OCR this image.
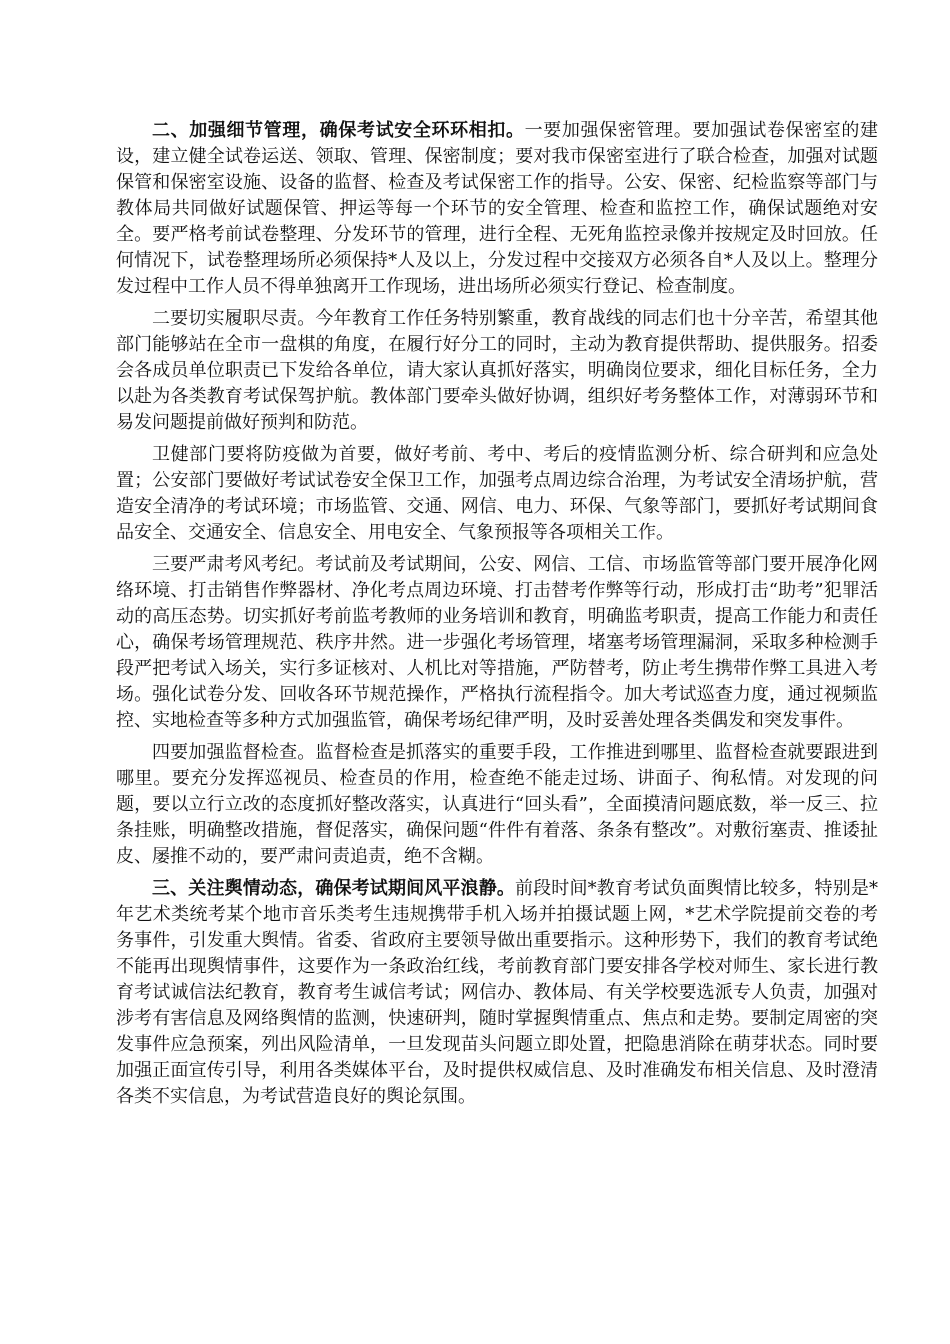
二、加强细节管理，确保考试安全环环相扣。一要加强保密管理。要加强试卷保密室的建设，建立健全试卷运送、领取、管理、保密制度；要对我市保密室进行了联合检查，加强对试题保管和保密室设施、设备的监督、检查及考试保密工作的指导。公安、保密、纪检监察等部门与教体局共同做好试题保管、押运等每一个环节的安全管理、检查和监控工作，确保试题绝对安全。要严格考前试卷整理、分发环节的管理，进行全程、无死角监控录像并按规定及时回放。任何情况下，试卷整理场所必须保持*人及以上，分发过程中交接双方必须各自*人及以上。整理分发过程中工作人员不得单独离开工作现场，进出场所必须实行登记、检查制度。

二要切实履职尽责。今年教育工作任务特别繁重，教育战线的同志们也十分辛苦，希望其他部门能够站在全市一盘棋的角度，在履行好分工的同时，主动为教育提供帮助、提供服务。招委会各成员单位职责已下发给各单位，请大家认真抓好落实，明确岗位要求，细化目标任务，全力以赴为各类教育考试保驾护航。教体部门要牵头做好协调，组织好考务整体工作，对薄弱环节和易发问题提前做好预判和防范。

卫健部门要将防疫做为首要，做好考前、考中、考后的疫情监测分析、综合研判和应急处置；公安部门要做好考试试卷安全保卫工作，加强考点周边综合治理，为考试安全清场护航，营造安全清净的考试环境；市场监管、交通、网信、电力、环保、气象等部门，要抓好考试期间食品安全、交通安全、信息安全、用电安全、气象预报等各项相关工作。

三要严肃考风考纪。考试前及考试期间，公安、网信、工信、市场监管等部门要开展净化网络环境、打击销售作弊器材、净化考点周边环境、打击替考作弊等行动，形成打击“助考”犯罪活动的高压态势。切实抓好考前监考教师的业务培训和教育，明确监考职责，提高工作能力和责任心，确保考场管理规范、秩序井然。进一步强化考场管理，堵塞考场管理漏洞，采取多种检测手段严把考试入场关，实行多证核对、人机比对等措施，严防替考，防止考生携带作弊工具进入考场。强化试卷分发、回收各环节规范操作，严格执行流程指令。加大考试巡查力度，通过视频监控、实地检查等多种方式加强监管，确保考场纪律严明，及时妥善处理各类偶发和突发事件。

四要加强监督检查。监督检查是抓落实的重要手段，工作推进到哪里、监督检查就要跟进到哪里。要充分发挥巡视员、检查员的作用，检查绝不能走过场、讲面子、徇私情。对发现的问题，要以立行立改的态度抓好整改落实，认真进行“回头看”，全面摸清问题底数，举一反三、拉条挂账，明确整改措施，督促落实，确保问题“件件有着落、条条有整改”。对敷衍塞责、推诿扯皮、屡推不动的，要严肃问责追责，绝不含糊。

三、关注舆情动态，确保考试期间风平浪静。前段时间*教育考试负面舆情比较多，特别是*年艺术类统考某个地市音乐类考生违规携带手机入场并拍摄试题上网，*艺术学院提前交卷的考务事件，引发重大舆情。省委、省政府主要领导做出重要指示。这种形势下，我们的教育考试绝不能再出现舆情事件，这要作为一条政治红线，考前教育部门要安排各学校对师生、家长进行教育考试诚信法纪教育，教育考生诚信考试；网信办、教体局、有关学校要选派专人负责，加强对涉考有害信息及网络舆情的监测，快速研判，随时掌握舆情重点、焦点和走势。要制定周密的突发事件应急预案，列出风险清单，一旦发现苗头问题立即处置，把隐患消除在萌芽状态。同时要加强正面宣传引导，利用各类媒体平台，及时提供权威信息、及时准确发布相关信息、及时澄清各类不实信息，为考试营造良好的舆论氛围。
